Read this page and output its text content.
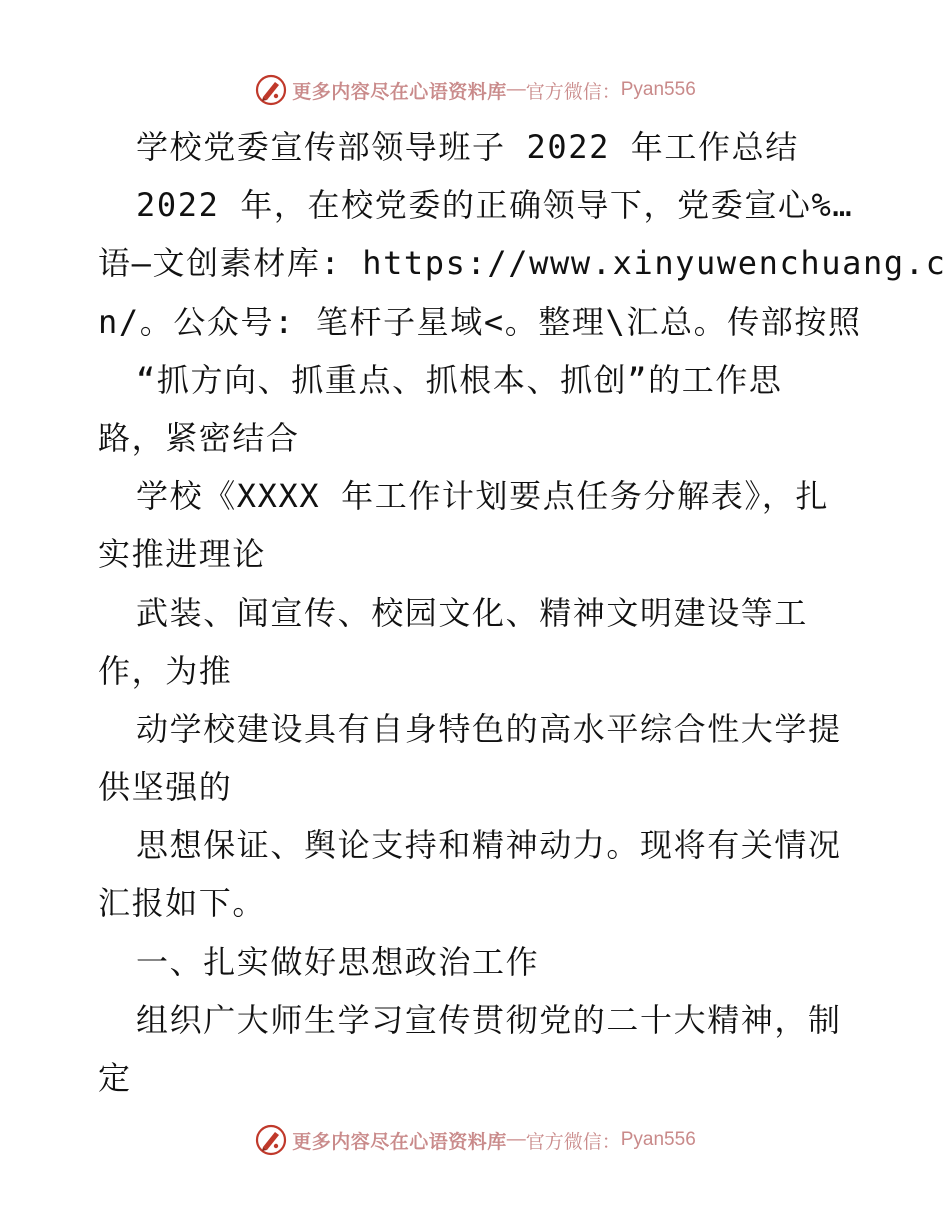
更多内容尽在心语资料库 — 官方微信： Pyan556
学校党委宣传部领导班子 2022 年工作总结
2022 年，在校党委的正确领导下，党委宣心%…
语—文创素材库: https://www.xinyuwenchuang.c
n/。公众号: 笔杆子星域<。整理\汇总。传部按照
“抓方向、抓重点、抓根本、抓创”的工作思
路，紧密结合
学校《XXXX 年工作计划要点任务分解表》，扎
实推进理论
武装、闻宣传、校园文化、精神文明建设等工
作，为推
动学校建设具有自身特色的高水平综合性大学提
供坚强的
思想保证、舆论支持和精神动力。现将有关情况
汇报如下。
一、扎实做好思想政治工作
组织广大师生学习宣传贯彻党的二十大精神，制
定
更多内容尽在心语资料库 — 官方微信： Pyan556
